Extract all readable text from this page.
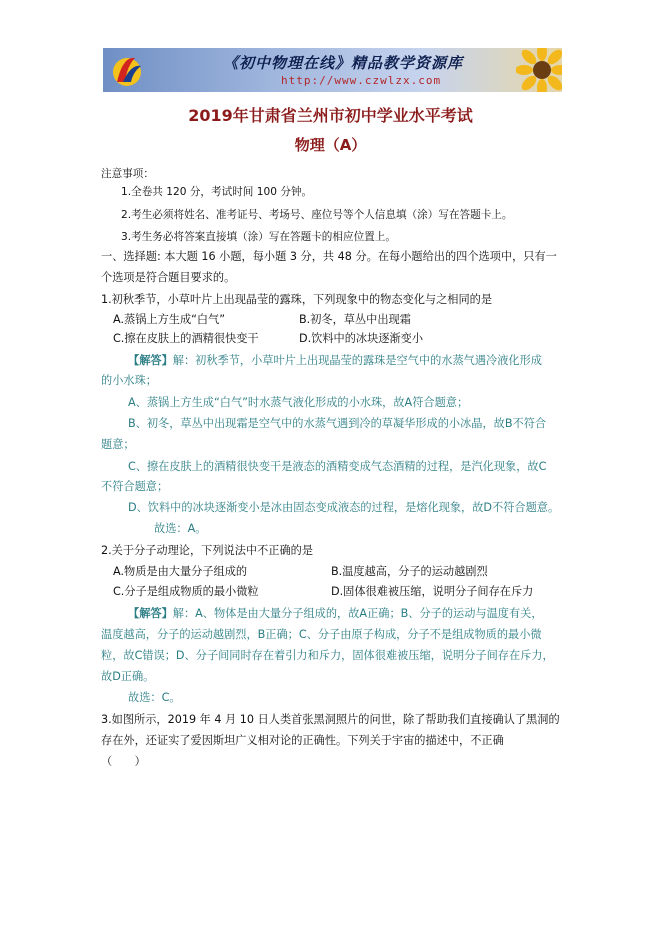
《初中物理在线》精品教学资源库
http://www.czwlzx.com
2019年甘肃省兰州市初中学业水平考试
物理（A）
注意事项：
1.全卷共 120 分，考试时间 100 分钟。
2.考生必须将姓名、准考证号、考场号、座位号等个人信息填（涂）写在答题卡上。
3.考生务必将答案直接填（涂）写在答题卡的相应位置上。
一、选择题: 本大题 16 小题，每小题 3 分，共 48 分。在每小题给出的四个选项中，只有一
个选项是符合题目要求的。
1.初秋季节，小草叶片上出现晶莹的露珠，下列现象中的物态变化与之相同的是
A.蒸锅上方生成“白气”	B.初冬，草丛中出现霜
C.擦在皮肤上的酒精很快变干	D.饮料中的冰块逐渐变小
【解答】解：初秋季节，小草叶片上出现晶莹的露珠是空气中的水蒸气遇冷液化形成
的小水珠；
A、蒸锅上方生成“白气”时水蒸气液化形成的小水珠，故A符合题意；
B、初冬，草丛中出现霜是空气中的水蒸气遇到冷的草凝华形成的小冰晶，故B不符合
题意；
C、擦在皮肤上的酒精很快变干是液态的酒精变成气态酒精的过程，是汽化现象，故C
不符合题意；
D、饮料中的冰块逐渐变小是冰由固态变成液态的过程，是熔化现象，故D不符合题意。
故选：A。
2.关于分子动理论，下列说法中不正确的是
A.物质是由大量分子组成的	B.温度越高，分子的运动越剧烈
C.分子是组成物质的最小微粒	D.固体很难被压缩，说明分子间存在斥力
【解答】解：A、物体是由大量分子组成的，故A正确；B、分子的运动与温度有关，
温度越高，分子的运动越剧烈，B正确；C、分子由原子构成，分子不是组成物质的最小微
粒，故C错误；D、分子间同时存在着引力和斥力，固体很难被压缩，说明分子间存在斥力，
故D正确。
故选：C。
3.如图所示，2019 年 4 月 10 日人类首张黑洞照片的问世，除了帮助我们直接确认了黑洞的
存在外，还证实了爱因斯坦广义相对论的正确性。下列关于宇宙的描述中，不正确
（　　）
